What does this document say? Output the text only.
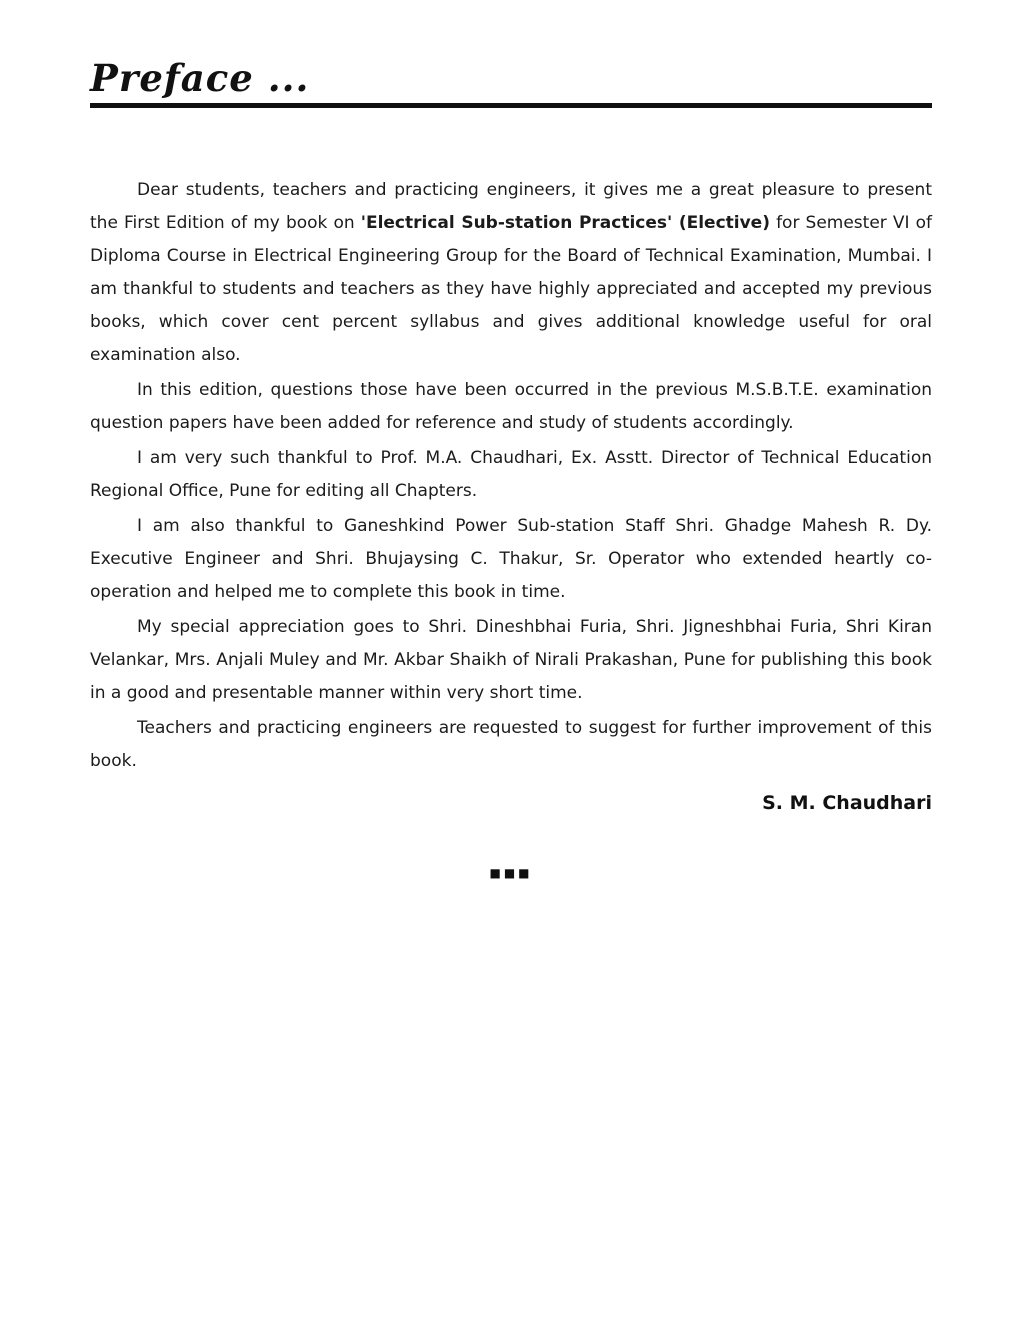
Preface ...

Dear students, teachers and practicing engineers, it gives me a great pleasure to present the First Edition of my book on 'Electrical Sub-station Practices' (Elective) for Semester VI of Diploma Course in Electrical Engineering Group for the Board of Technical Examination, Mumbai. I am thankful to students and teachers as they have highly appreciated and accepted my previous books, which cover cent percent syllabus and gives additional knowledge useful for oral examination also.

In this edition, questions those have been occurred in the previous M.S.B.T.E. examination question papers have been added for reference and study of students accordingly.

I am very such thankful to Prof. M.A. Chaudhari, Ex. Asstt. Director of Technical Education Regional Office, Pune for editing all Chapters.

I am also thankful to Ganeshkind Power Sub-station Staff Shri. Ghadge Mahesh R. Dy. Executive Engineer and Shri. Bhujaysing C. Thakur, Sr. Operator who extended heartly co-operation and helped me to complete this book in time.

My special appreciation goes to Shri. Dineshbhai Furia, Shri. Jigneshbhai Furia, Shri Kiran Velankar, Mrs. Anjali Muley and Mr. Akbar Shaikh of Nirali Prakashan, Pune for publishing this book in a good and presentable manner within very short time.

Teachers and practicing engineers are requested to suggest for further improvement of this book.

S. M. Chaudhari
■■■
